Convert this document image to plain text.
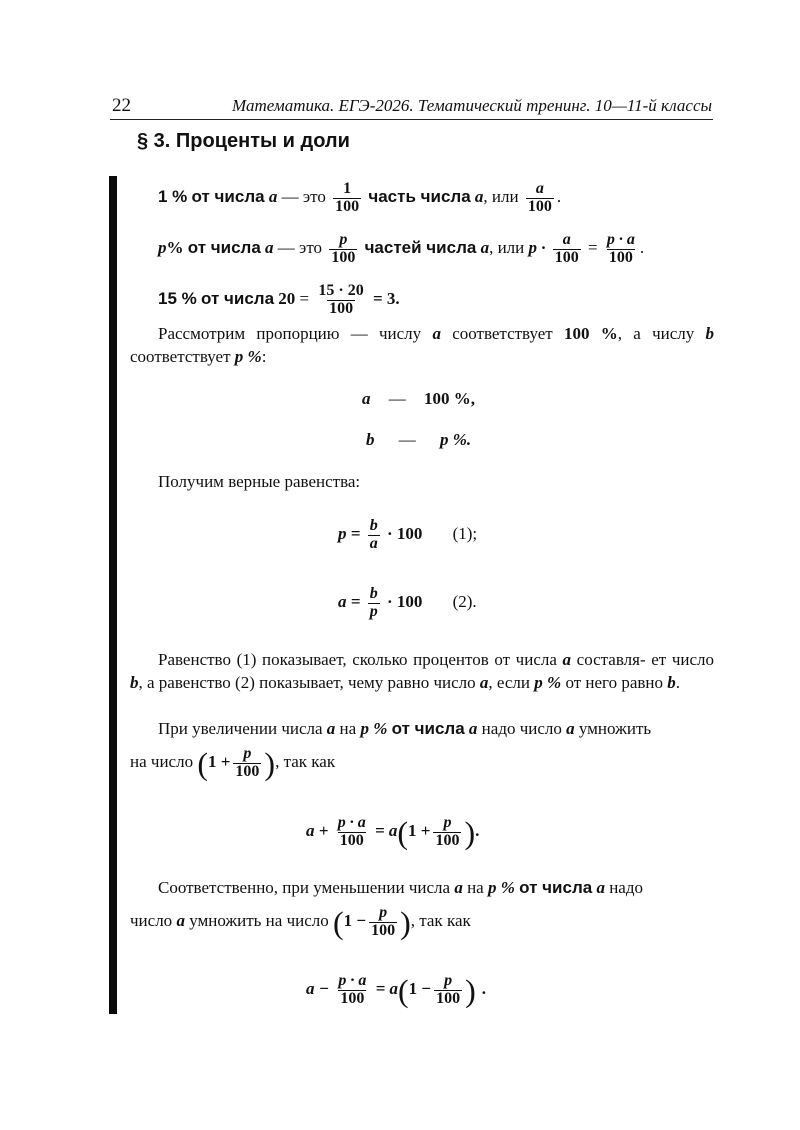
22	Математика. ЕГЭ-2026. Тематический тренинг. 10—11-й классы
§ 3. Проценты и доли
1 % от числа a — это $\frac{1}{100}$ часть числа a, или $\frac{a}{100}$ .
p% от числа a — это $\frac{p}{100}$ частей числа a, или $p \cdot \frac{a}{100} = \frac{p \cdot a}{100}$ .
15 % от числа $20 = \frac{15 \cdot 20}{100} = 3$.
Рассмотрим пропорцию — числу a соответствует 100 %, а числу b соответствует p %:
a — 100 %,
b — p %.
Получим верные равенства:
$p = \frac{b}{a} \cdot 100$ (1);
$a = \frac{b}{p} \cdot 100$ (2).
Равенство (1) показывает, сколько процентов от числа a составля- ет число b, а равенство (2) показывает, чему равно число a, если p % от него равно b.
При увеличении числа a на p % от числа a надо число a умножить
на число ($1 + \frac{p}{100}$ ), так как
$a + \frac{p \cdot a}{100} = a(1 + \frac{p}{100}$ ).
Соответственно, при уменьшении числа a на p % от числа a надо
число a умножить на число ($1 - \frac{p}{100}$ ), так как
$a - \frac{p \cdot a}{100} = a(1 - \frac{p}{100}$ ) .
